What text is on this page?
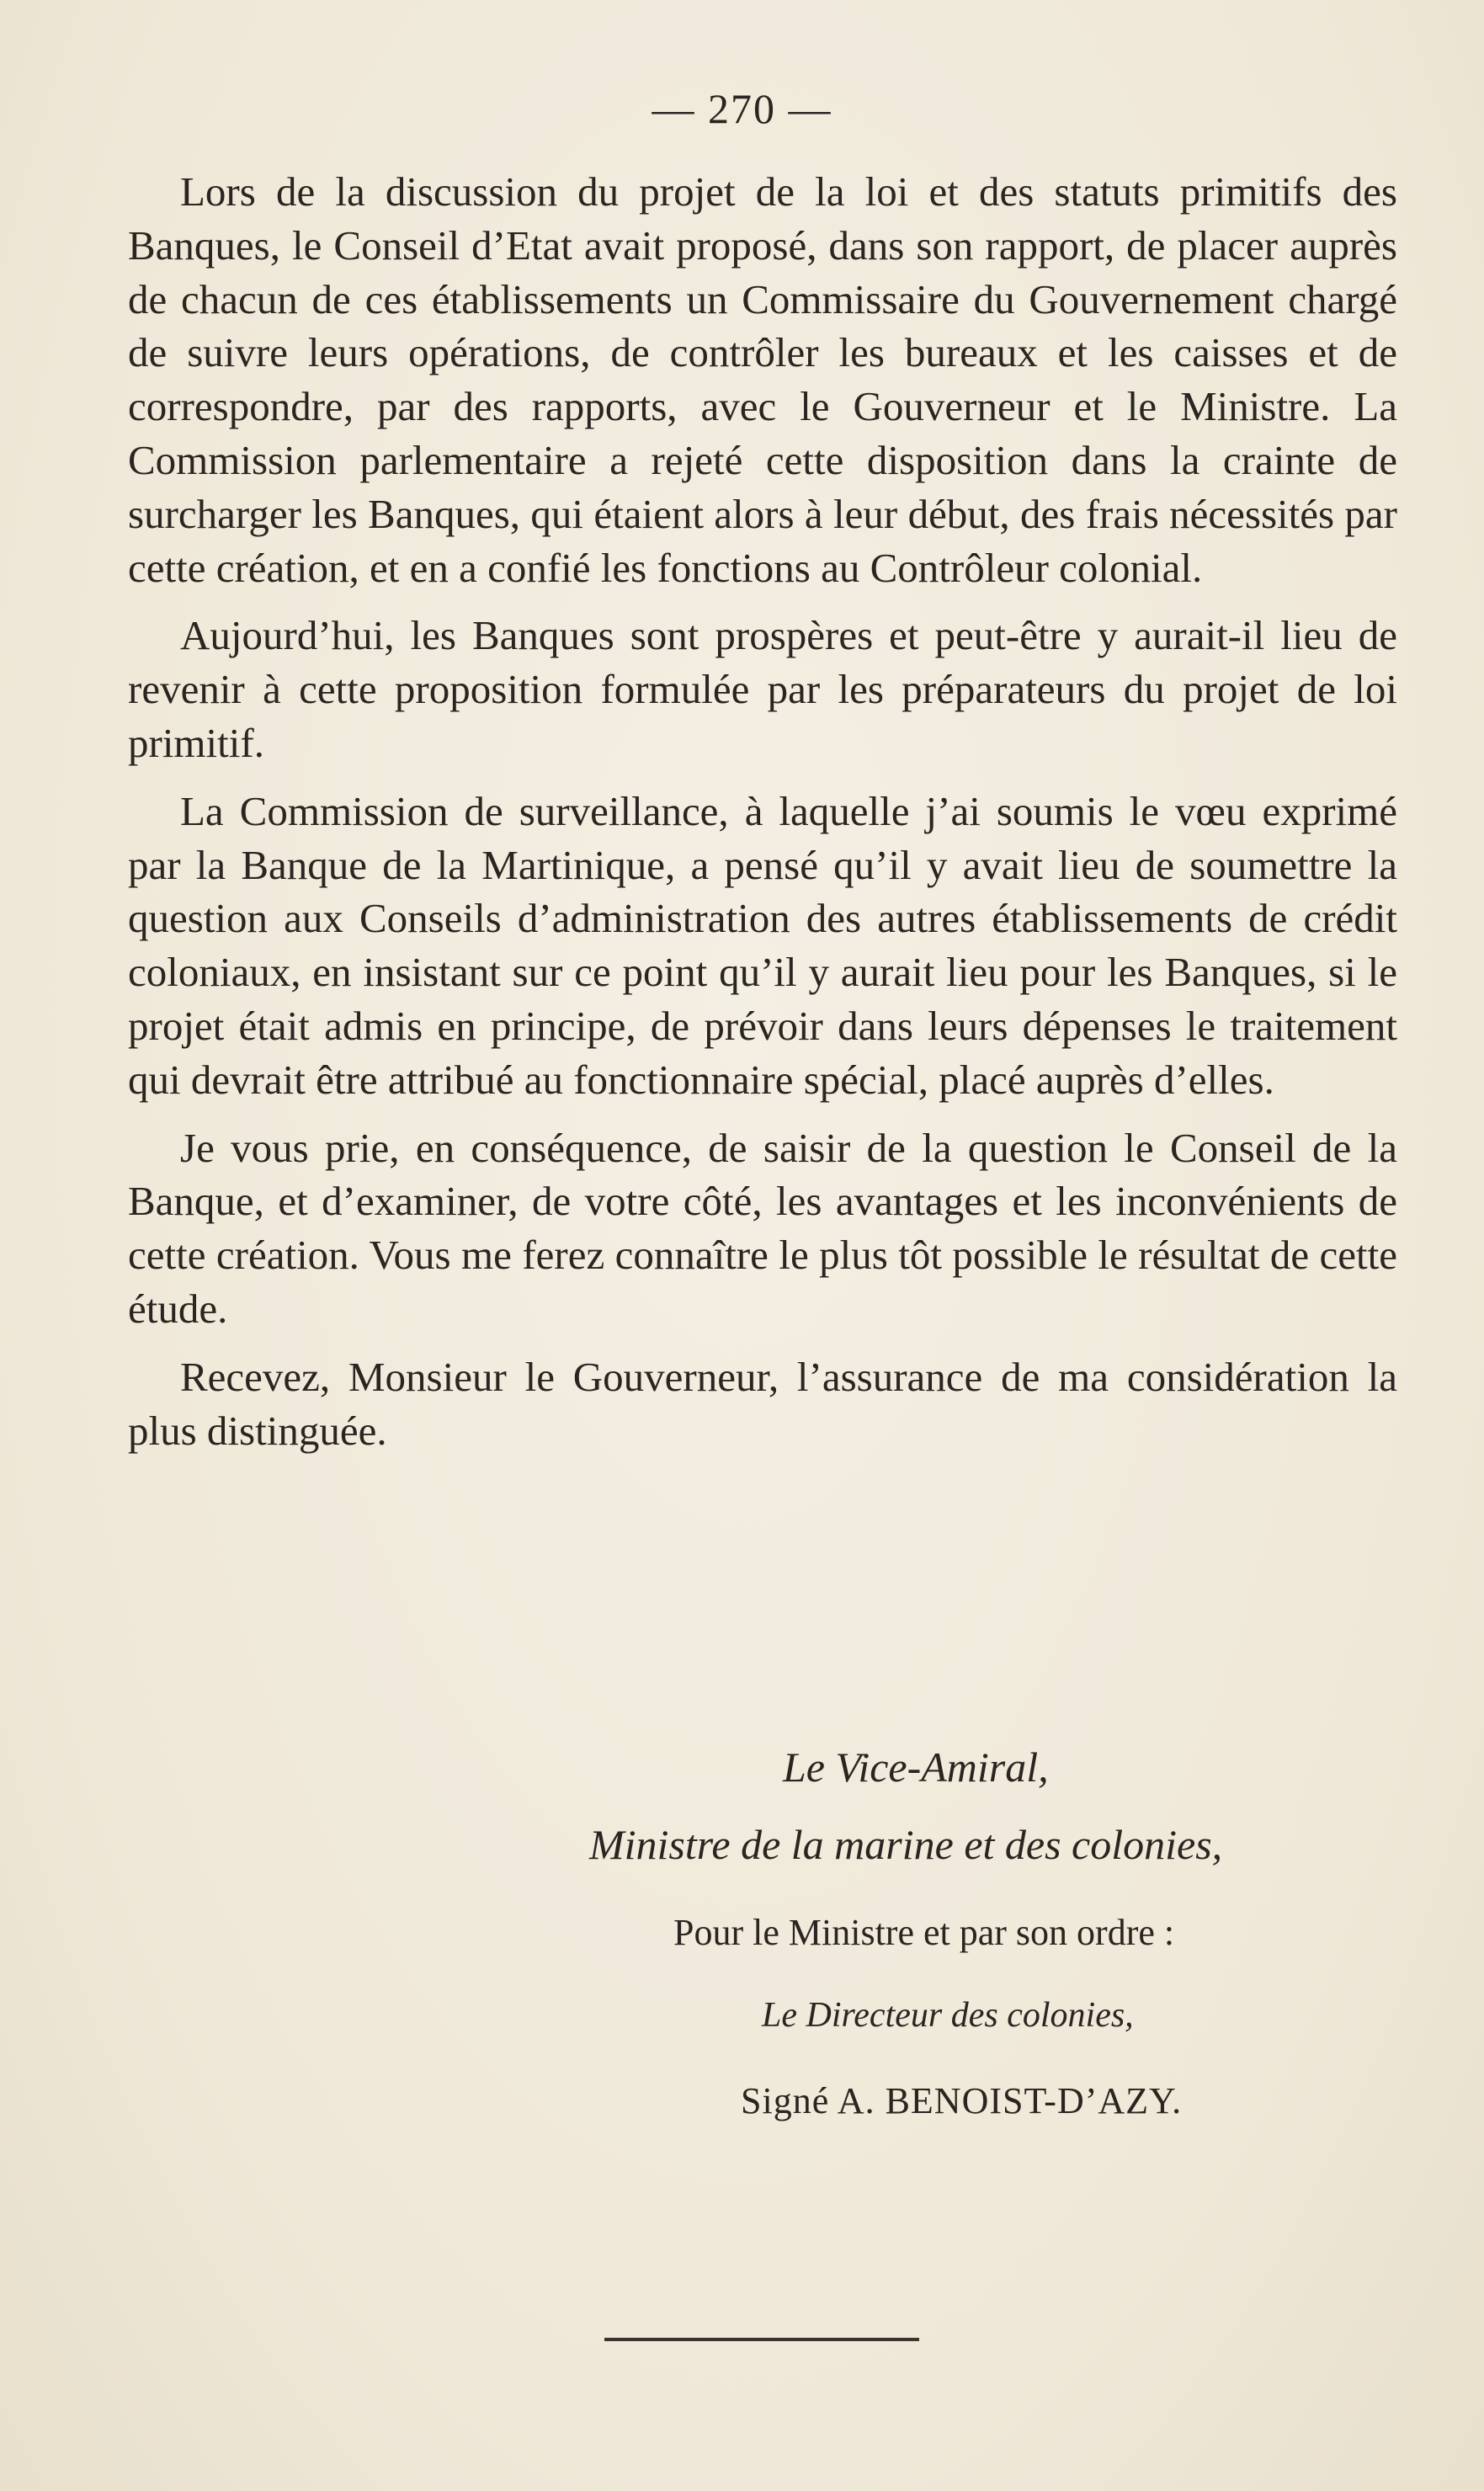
— 270 —

Lors de la discussion du projet de la loi et des statuts primitifs des Banques, le Conseil d’Etat avait proposé, dans son rapport, de placer auprès de chacun de ces établissements un Commissaire du Gouvernement chargé de suivre leurs opérations, de contrôler les bureaux et les caisses et de correspondre, par des rapports, avec le Gouverneur et le Ministre. La Commission parlementaire a rejeté cette disposition dans la crainte de surcharger les Banques, qui étaient alors à leur début, des frais nécessités par cette création, et en a confié les fonctions au Contrôleur colonial.

Aujourd’hui, les Banques sont prospères et peut-être y aurait-il lieu de revenir à cette proposition formulée par les préparateurs du projet de loi primitif.

La Commission de surveillance, à laquelle j’ai soumis le vœu exprimé par la Banque de la Martinique, a pensé qu’il y avait lieu de soumettre la question aux Conseils d’administration des autres établissements de crédit coloniaux, en insistant sur ce point qu’il y aurait lieu pour les Banques, si le projet était admis en principe, de prévoir dans leurs dépenses le traitement qui devrait être attribué au fonctionnaire spécial, placé auprès d’elles.

Je vous prie, en conséquence, de saisir de la question le Conseil de la Banque, et d’examiner, de votre côté, les avantages et les inconvénients de cette création. Vous me ferez connaître le plus tôt possible le résultat de cette étude.

Recevez, Monsieur le Gouverneur, l’assurance de ma considération la plus distinguée.

Le Vice-Amiral,
Ministre de la marine et des colonies,
Pour le Ministre et par son ordre :
Le Directeur des colonies,
Signé A. BENOIST-D’AZY.
